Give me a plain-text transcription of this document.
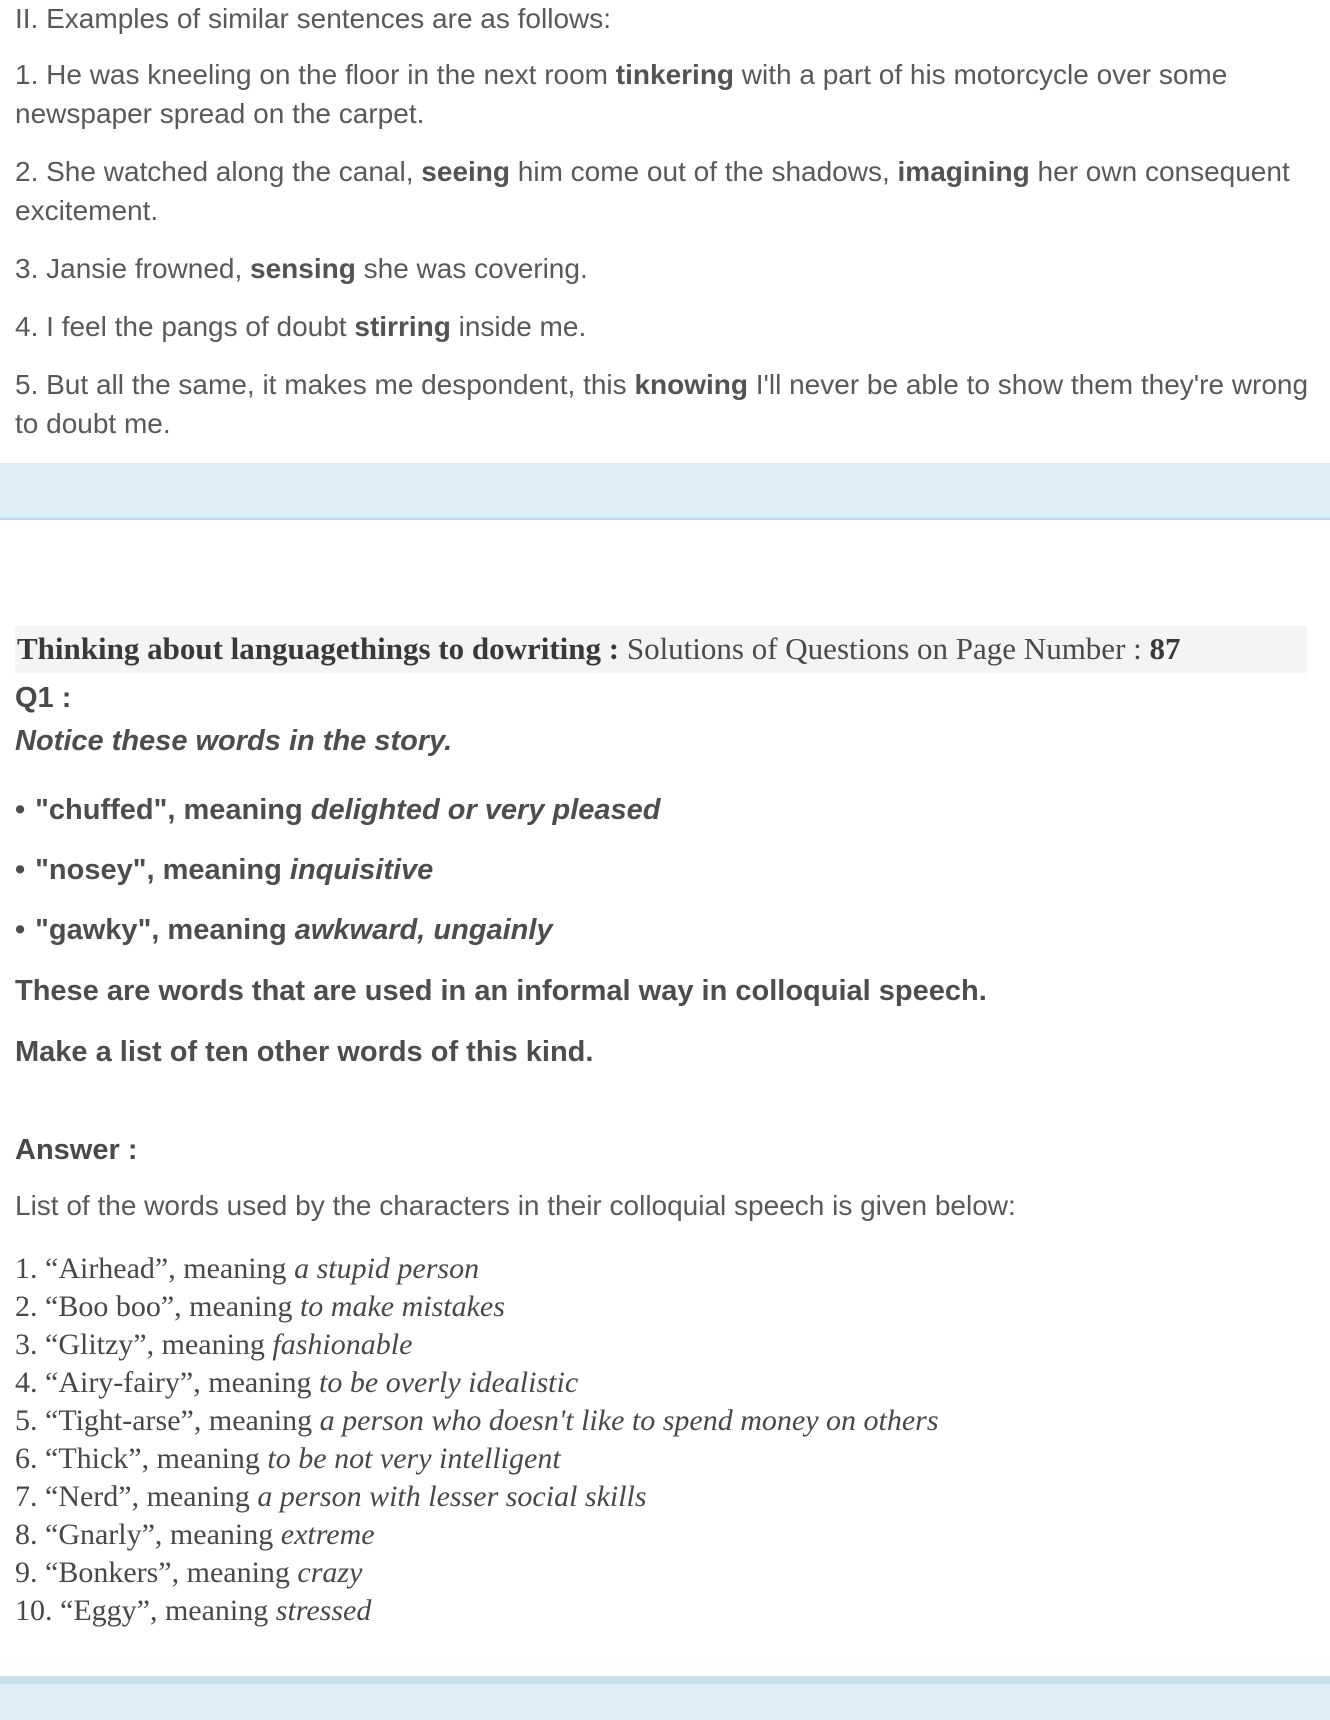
II. Examples of similar sentences are as follows:

1. He was kneeling on the floor in the next room tinkering with a part of his motorcycle over some newspaper spread on the carpet.

2. She watched along the canal, seeing him come out of the shadows, imagining her own consequent excitement.

3. Jansie frowned, sensing she was covering.

4. I feel the pangs of doubt stirring inside me.

5. But all the same, it makes me despondent, this knowing I'll never be able to show them they're wrong to doubt me.

Thinking about languagethings to dowriting : Solutions of Questions on Page Number : 87

Q1 :

Notice these words in the story.

• "chuffed", meaning delighted or very pleased

• "nosey", meaning inquisitive

• "gawky", meaning awkward, ungainly

These are words that are used in an informal way in colloquial speech.

Make a list of ten other words of this kind.

Answer :

List of the words used by the characters in their colloquial speech is given below:

1. “Airhead”, meaning a stupid person

2. “Boo boo”, meaning to make mistakes

3. “Glitzy”, meaning fashionable

4. “Airy-fairy”, meaning to be overly idealistic

5. “Tight-arse”, meaning a person who doesn't like to spend money on others

6. “Thick”, meaning to be not very intelligent

7. “Nerd”, meaning a person with lesser social skills

8. “Gnarly”, meaning extreme

9. “Bonkers”, meaning crazy

10. “Eggy”, meaning stressed
